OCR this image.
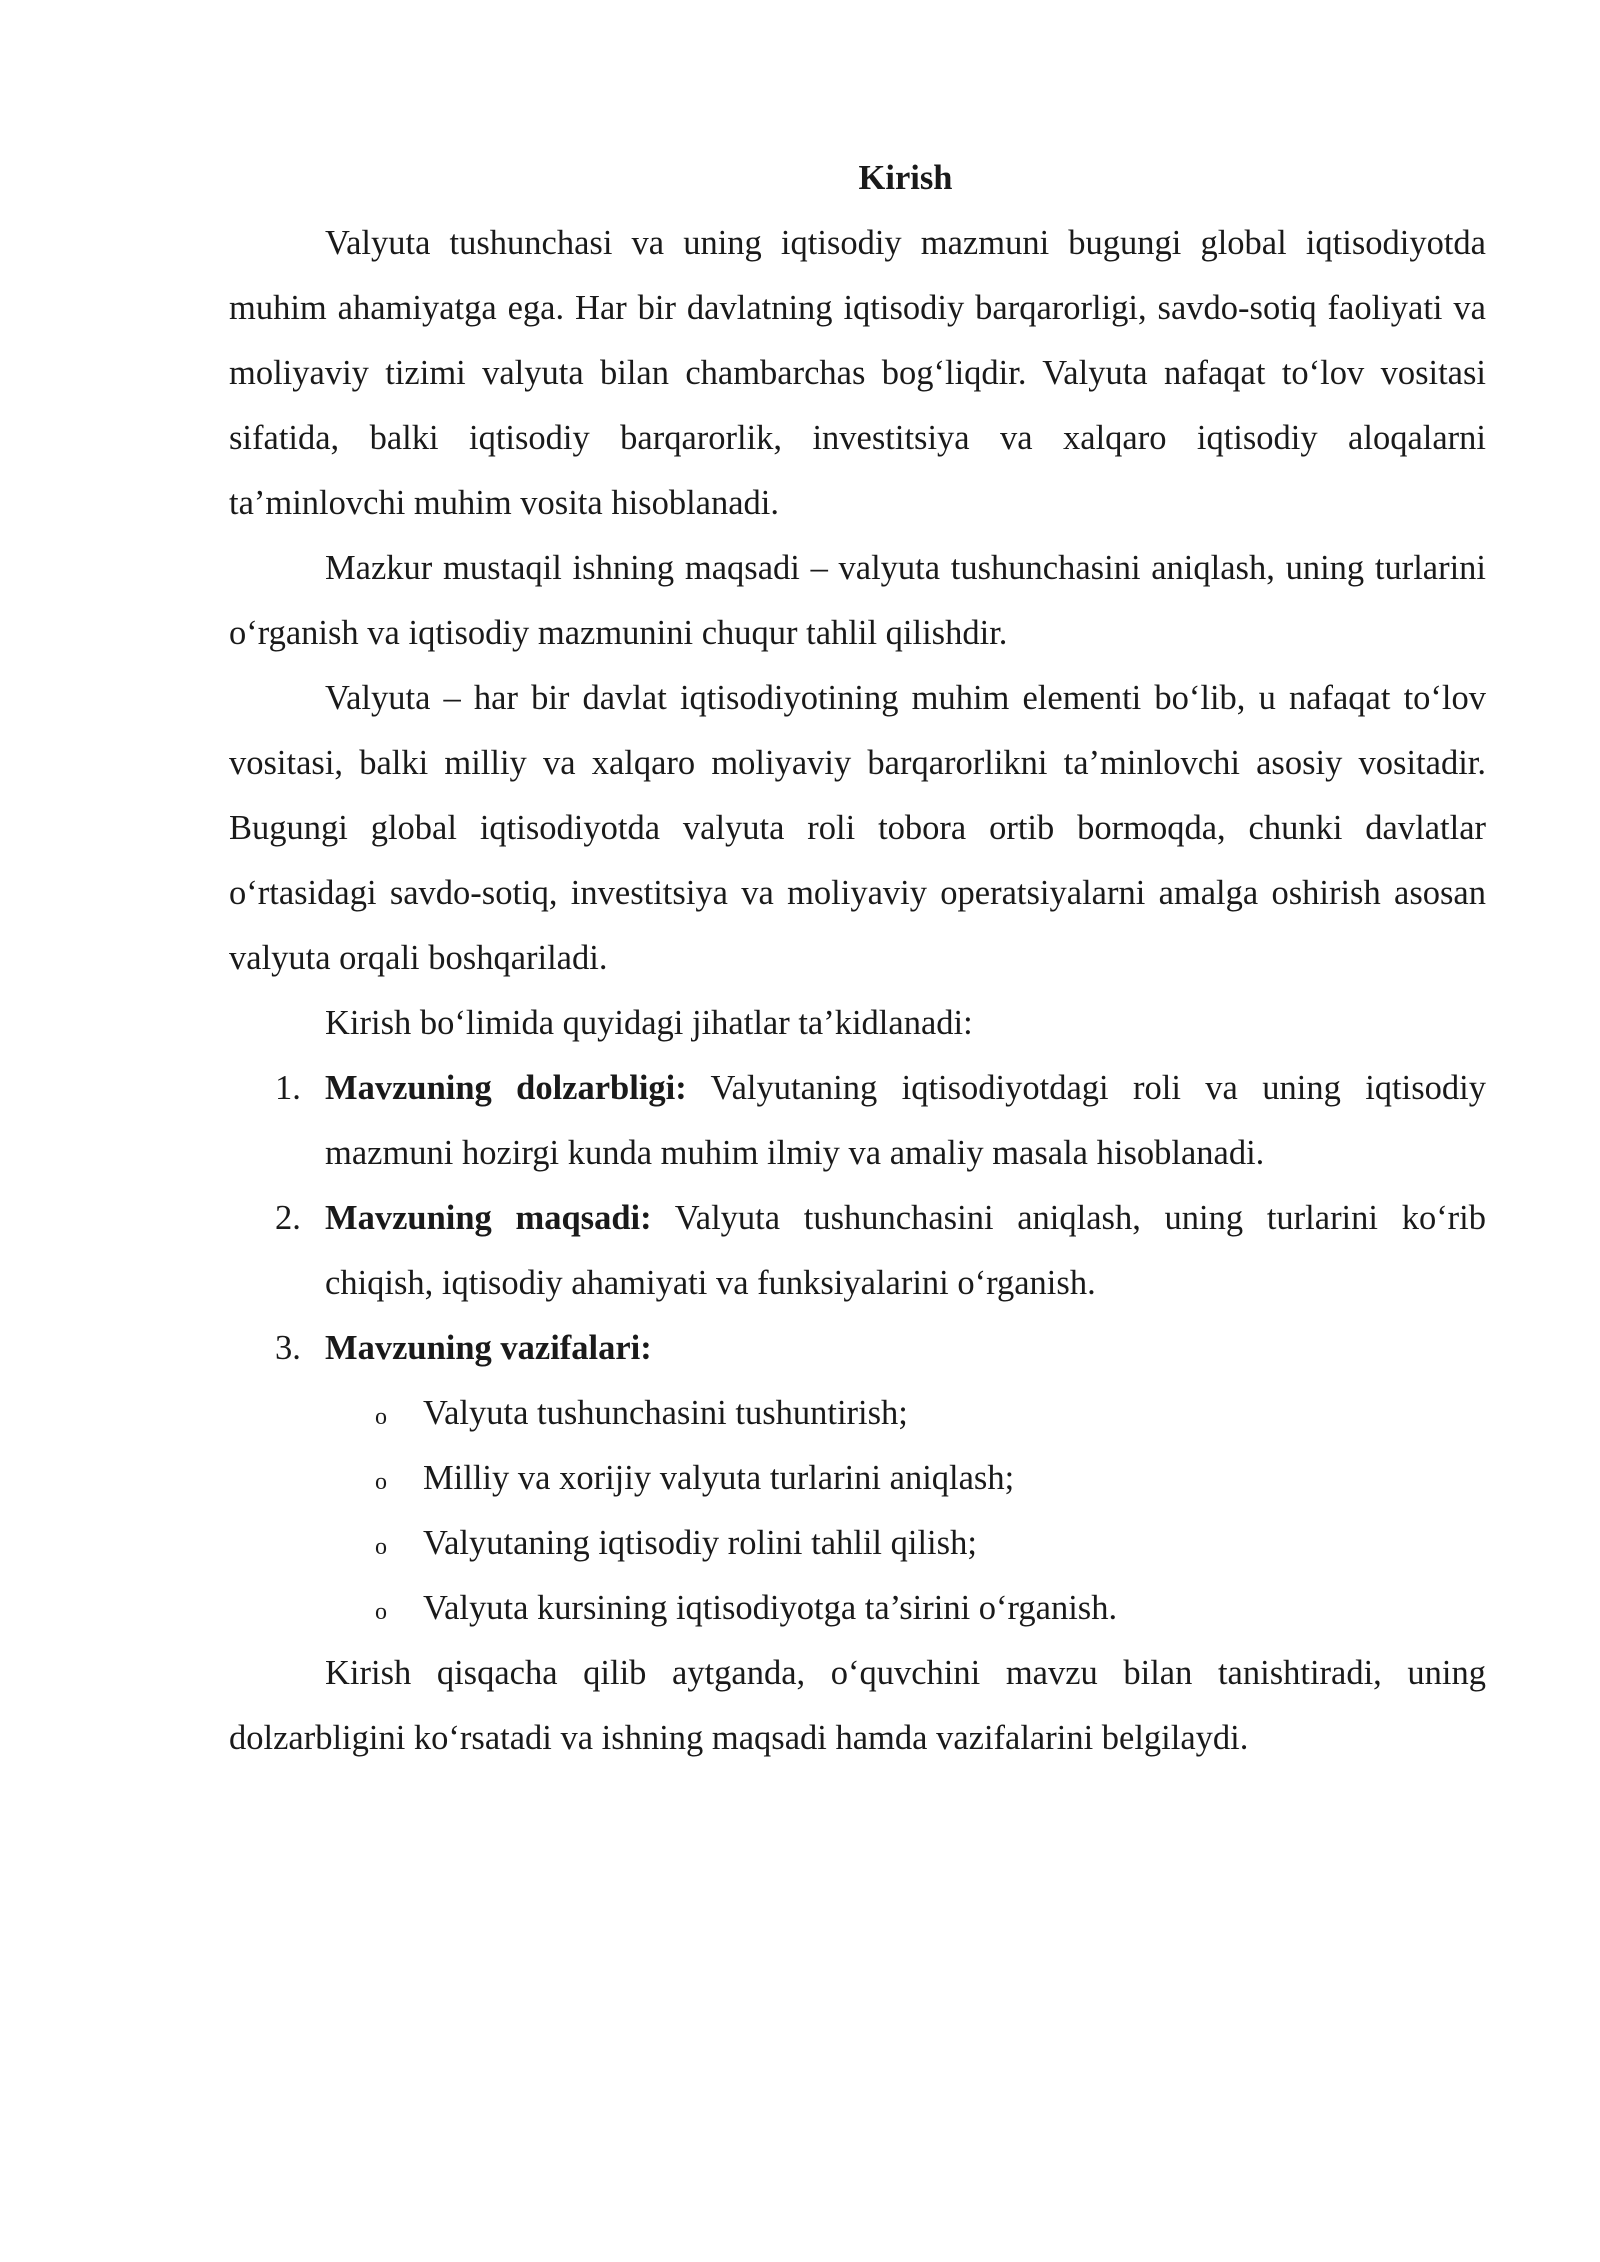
Kirish

Valyuta tushunchasi va uning iqtisodiy mazmuni bugungi global iqtisodiyotda muhim ahamiyatga ega. Har bir davlatning iqtisodiy barqarorligi, savdo-sotiq faoliyati va moliyaviy tizimi valyuta bilan chambarchas bog‘liqdir. Valyuta nafaqat to‘lov vositasi sifatida, balki iqtisodiy barqarorlik, investitsiya va xalqaro iqtisodiy aloqalarni ta’minlovchi muhim vosita hisoblanadi.

Mazkur mustaqil ishning maqsadi – valyuta tushunchasini aniqlash, uning turlarini o‘rganish va iqtisodiy mazmunini chuqur tahlil qilishdir.

Valyuta – har bir davlat iqtisodiyotining muhim elementi bo‘lib, u nafaqat to‘lov vositasi, balki milliy va xalqaro moliyaviy barqarorlikni ta’minlovchi asosiy vositadir. Bugungi global iqtisodiyotda valyuta roli tobora ortib bormoqda, chunki davlatlar o‘rtasidagi savdo-sotiq, investitsiya va moliyaviy operatsiyalarni amalga oshirish asosan valyuta orqali boshqariladi.

Kirish bo‘limida quyidagi jihatlar ta’kidlanadi:

1. Mavzuning dolzarbligi: Valyutaning iqtisodiyotdagi roli va uning iqtisodiy mazmuni hozirgi kunda muhim ilmiy va amaliy masala hisoblanadi.
2. Mavzuning maqsadi: Valyuta tushunchasini aniqlash, uning turlarini ko‘rib chiqish, iqtisodiy ahamiyati va funksiyalarini o‘rganish.
3. Mavzuning vazifalari:
o Valyuta tushunchasini tushuntirish;
o Milliy va xorijiy valyuta turlarini aniqlash;
o Valyutaning iqtisodiy rolini tahlil qilish;
o Valyuta kursining iqtisodiyotga ta’sirini o‘rganish.

Kirish qisqacha qilib aytganda, o‘quvchini mavzu bilan tanishtiradi, uning dolzarbligini ko‘rsatadi va ishning maqsadi hamda vazifalarini belgilaydi.
